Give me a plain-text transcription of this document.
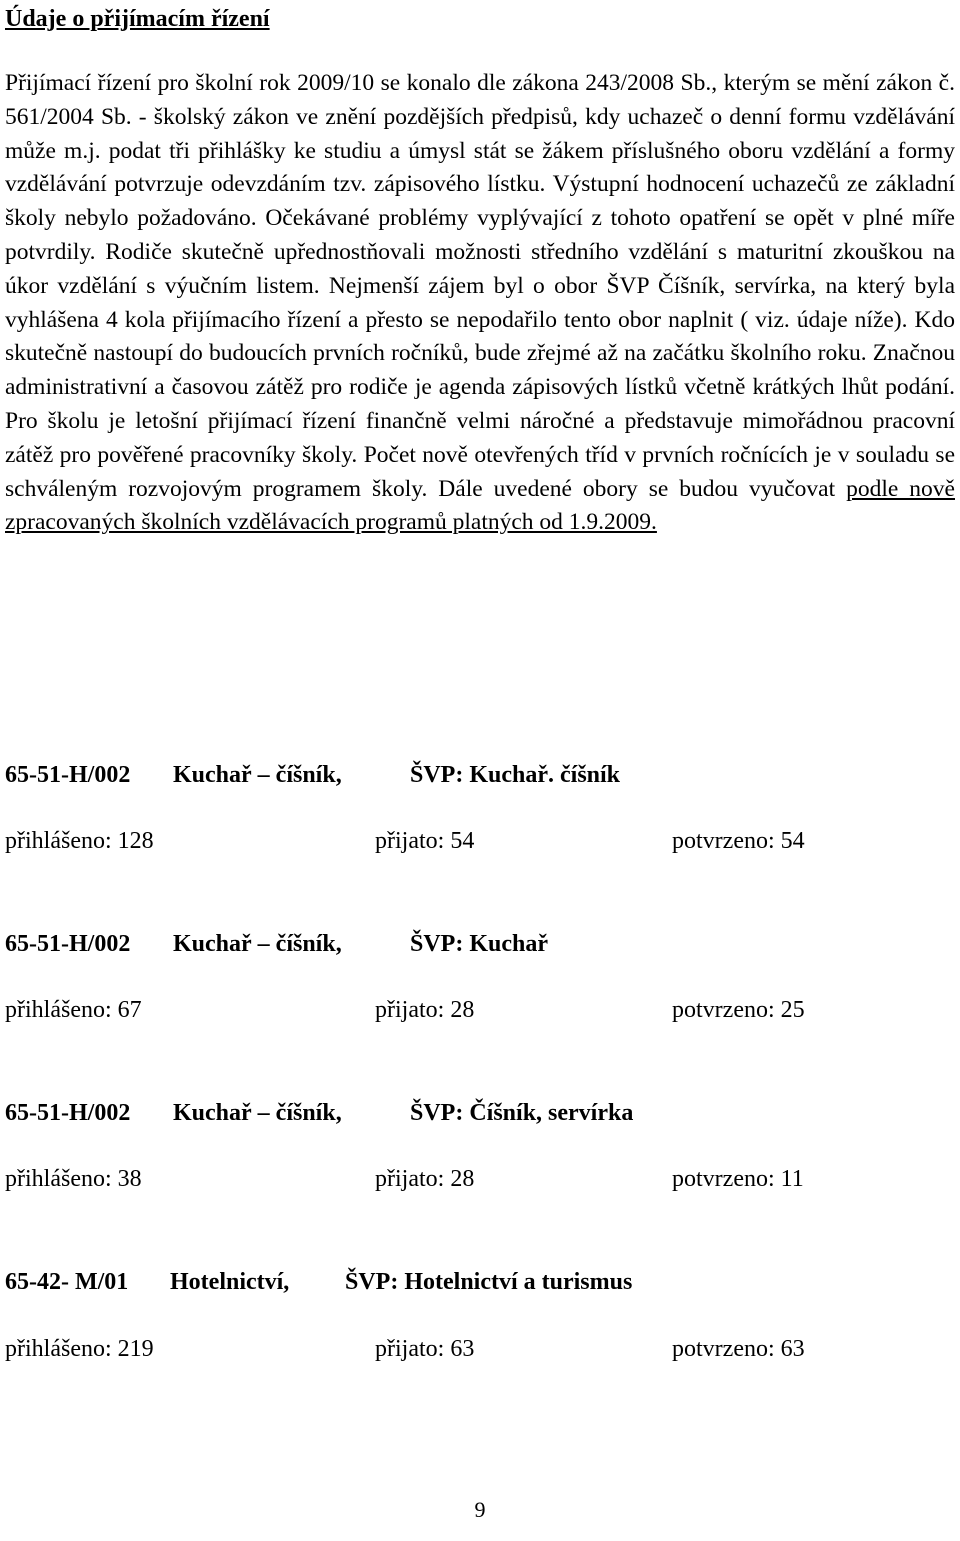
Údaje o přijímacím řízení

Přijímací řízení pro školní rok 2009/10 se konalo dle zákona 243/2008 Sb., kterým se mění zákon č. 561/2004 Sb. - školský zákon ve znění pozdějších předpisů, kdy uchazeč o denní formu vzdělávání může m.j. podat tři přihlášky ke studiu a úmysl stát se žákem příslušného oboru vzdělání a formy vzdělávání potvrzuje odevzdáním tzv. zápisového lístku. Výstupní hodnocení uchazečů ze základní školy nebylo požadováno. Očekávané problémy vyplývající z tohoto opatření se opět v plné míře potvrdily. Rodiče skutečně upřednostňovali možnosti středního vzdělání s maturitní zkouškou na úkor vzdělání s výučním listem. Nejmenší zájem byl o obor ŠVP Číšník, servírka, na který byla vyhlášena 4 kola přijímacího řízení a přesto se nepodařilo tento obor naplnit ( viz. údaje níže). Kdo skutečně nastoupí do budoucích prvních ročníků, bude zřejmé až na začátku školního roku. Značnou administrativní a časovou zátěž pro rodiče je agenda zápisových lístků včetně krátkých lhůt podání. Pro školu je letošní přijímací řízení finančně velmi náročné a představuje mimořádnou pracovní zátěž pro pověřené pracovníky školy. Počet nově otevřených tříd v prvních ročnících je v souladu se schváleným rozvojovým programem školy. Dále uvedené obory se budou vyučovat podle nově zpracovaných školních vzdělávacích programů platných od 1.9.2009.

65-51-H/002 Kuchař – číšník,	ŠVP: Kuchař. číšník
přihlášeno: 128	přijato: 54	potvrzeno: 54
65-51-H/002 Kuchař – číšník,	ŠVP: Kuchař
přihlášeno: 67	přijato: 28	potvrzeno: 25
65-51-H/002 Kuchař – číšník,	ŠVP: Číšník, servírka
přihlášeno: 38	přijato: 28	potvrzeno: 11
65-42- M/01 Hotelnictví, ŠVP: Hotelnictví a turismus
přihlášeno: 219	přijato: 63	potvrzeno: 63
9
